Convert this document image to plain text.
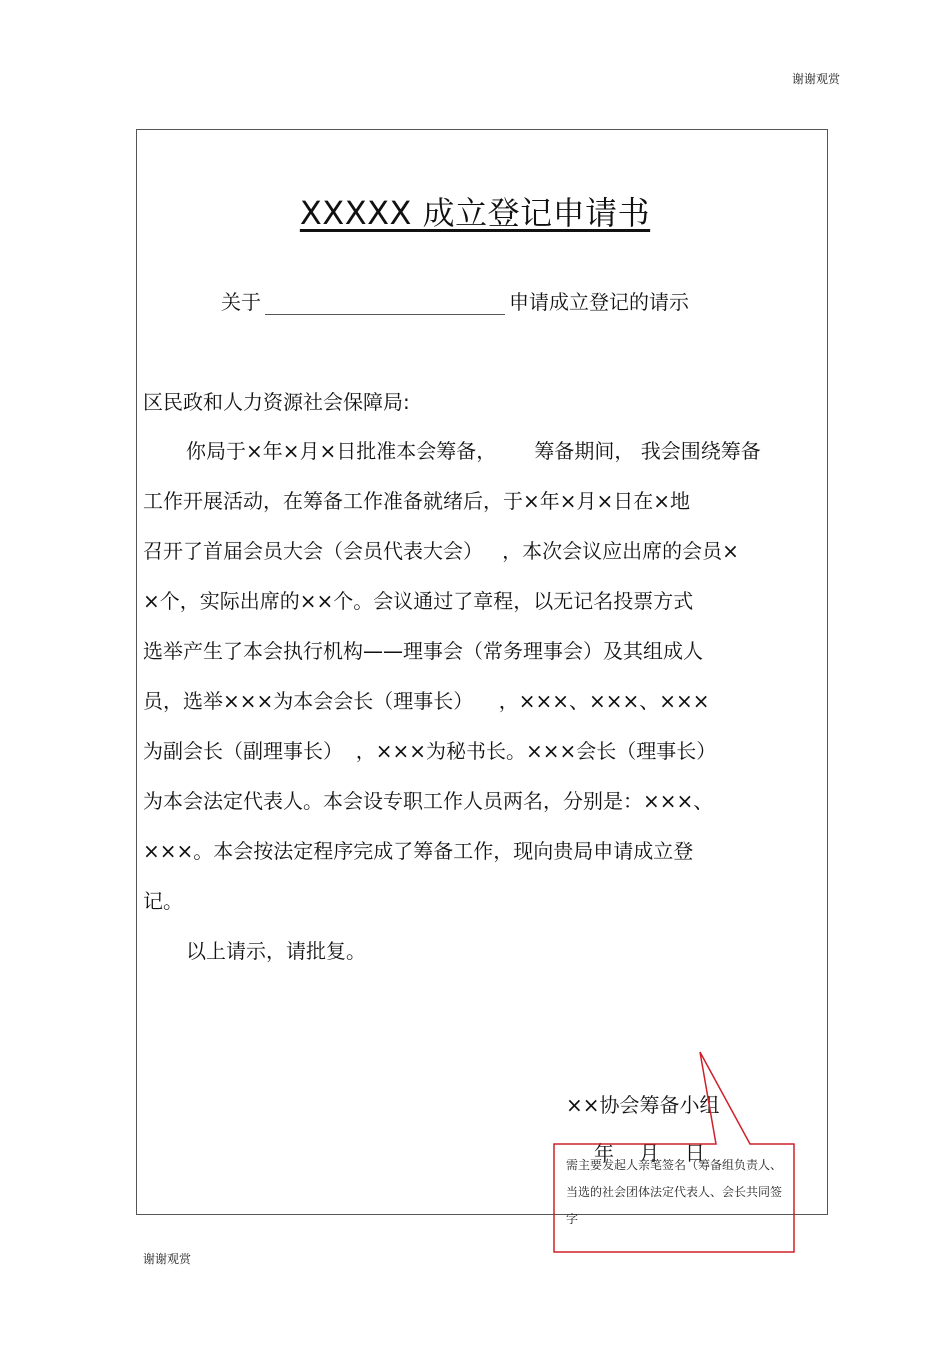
谢谢观赏
XXXXX 成立登记申请书
关于	申请成立登记的请示
区民政和人力资源社会保障局:
你局于×年×月×日批准本会筹备，      筹备期间， 我会围绕筹备
工作开展活动，在筹备工作准备就绪后，于×年×月×日在×地
召开了首届会员大会（会员代表大会）   ，本次会议应出席的会员×
×个，实际出席的××个。会议通过了章程，以无记名投票方式
选举产生了本会执行机构——理事会（常务理事会）及其组成人
员，选举×××为本会会长（理事长）    ，×××、×××、×××
为副会长（副理事长）  ，×××为秘书长。×××会长（理事长）
为本会法定代表人。本会设专职工作人员两名，分别是：×××、
×××。本会按法定程序完成了筹备工作，现向贵局申请成立登
记。
以上请示，请批复。
××协会筹备小组
年    月    日
需主要发起人亲笔签名（筹备组负责人、当选的社会团体法定代表人、会长共同签字
谢谢观赏
